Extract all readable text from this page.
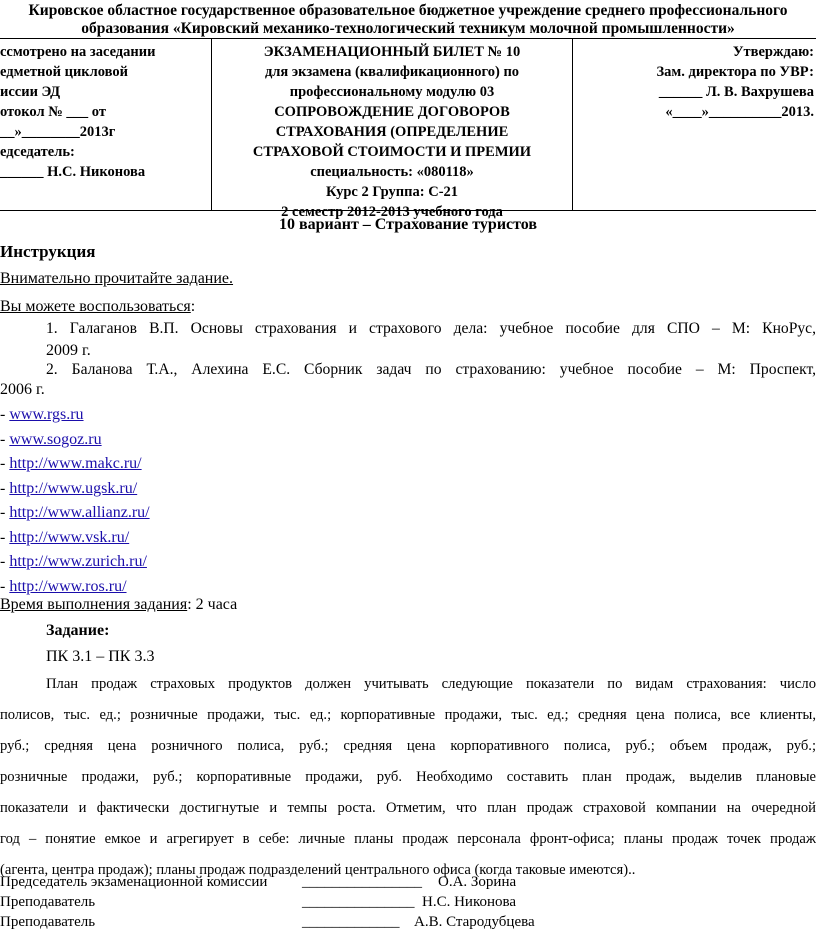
Кировское областное государственное образовательное бюджетное учреждение среднего профессионального
образования «Кировский механико-технологический техникум молочной промышленности»
ссмотрено на заседании
едметной цикловой
иссии ЭД
отокол № ___ от
__»________2013г
едседатель:
______ Н.С. Никонова
ЭКЗАМЕНАЦИОННЫЙ БИЛЕТ № 10
для экзамена (квалификационного) по
профессиональному модулю 03
СОПРОВОЖДЕНИЕ ДОГОВОРОВ
СТРАХОВАНИЯ (ОПРЕДЕЛЕНИЕ
СТРАХОВОЙ СТОИМОСТИ И ПРЕМИИ
специальность: «080118»
Курс 2 Группа: С-21
2 семестр 2012-2013 учебного года
Утверждаю:
Зам. директора по УВР:
______ Л. В. Вахрушева
«____»__________2013.
10 вариант – Страхование туристов
Инструкция
Внимательно прочитайте задание.
Вы можете воспользоваться:
1. Галаганов В.П. Основы страхования и страхового дела: учебное пособие для СПО – М: КноРус,
2009 г.
2. Баланова Т.А., Алехина Е.С. Сборник задач по страхованию: учебное пособие – М: Проспект,
2006 г.
- www.rgs.ru
- www.sogoz.ru
- http://www.makc.ru/
- http://www.ugsk.ru/
- http://www.allianz.ru/
- http://www.vsk.ru/
- http://www.zurich.ru/
- http://www.ros.ru/
Время выполнения задания: 2 часа
Задание:
ПК 3.1 – ПК 3.3
План продаж страховых продуктов должен учитывать следующие показатели по видам страхования: число
полисов, тыс. ед.; розничные продажи, тыс. ед.; корпоративные продажи, тыс. ед.; средняя цена полиса, все клиенты,
руб.; средняя цена розничного полиса, руб.; средняя цена корпоративного полиса, руб.; объем продаж, руб.;
розничные продажи, руб.; корпоративные продажи, руб. Необходимо составить план продаж, выделив плановые
показатели и фактически достигнутые и темпы роста. Отметим, что план продаж страховой компании на очередной
год – понятие емкое и агрегирует в себе: личные планы продаж персонала фронт-офиса; планы продаж точек продаж
(агента, центра продаж); планы продаж подразделений центрального офиса (когда таковые имеются)..
Председатель экзаменационной комиссии ________________ О.А. Зорина
Преподаватель	_______________ Н.С. Никонова
Преподаватель	_____________ А.В. Стародубцева
